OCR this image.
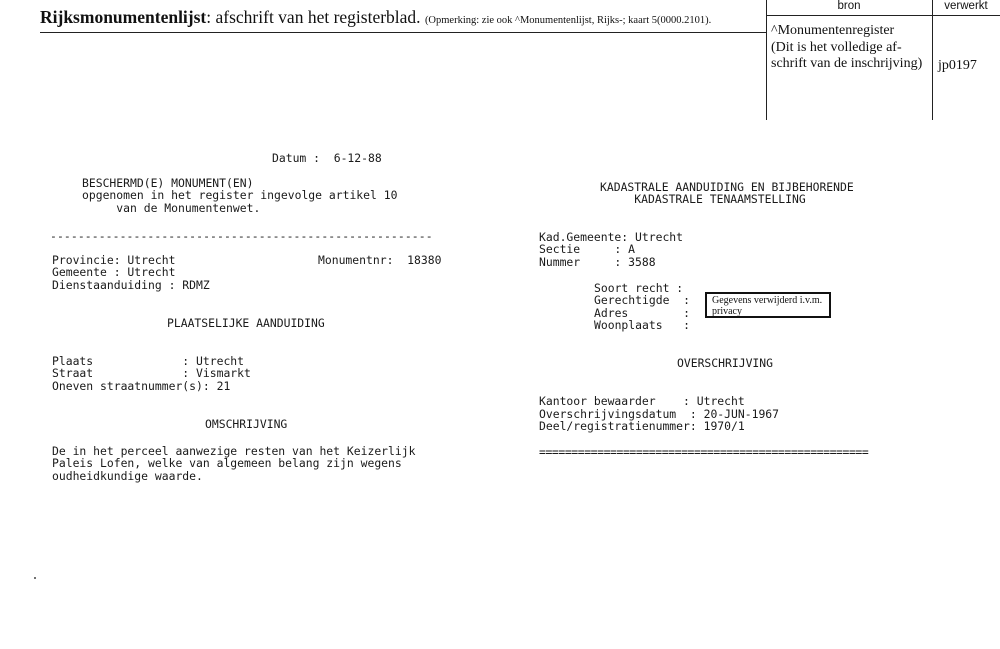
Rijksmonumentenlijst: afschrift van het registerblad. (Opmerking: zie ook ^Monumentenlijst, Rijks-; kaart 5(0000.2101).
bron	verwerkt
^Monumentenregister
(Dit is het volledige af-
schrift van de inschrijving) jp0197
Datum :  6-12-88
BESCHERMD(E) MONUMENT(EN)
opgenomen in het register ingevolge artikel 10
van de Monumentenwet.
-------------------------------------------------------
Provincie: Utrecht	Monumentnr:  18380
Gemeente : Utrecht
Dienstaanduiding : RDMZ
PLAATSELIJKE AANDUIDING
Plaats             : Utrecht
Straat             : Vismarkt
Oneven straatnummer(s): 21
OMSCHRIJVING
De in het perceel aanwezige resten van het Keizerlijk
Paleis Lofen, welke van algemeen belang zijn wegens
oudheidkundige waarde.
KADASTRALE AANDUIDING EN BIJBEHORENDE
KADASTRALE TENAAMSTELLING
Kad.Gemeente: Utrecht
Sectie     : A
Nummer     : 3588
Soort recht :
Gerechtigde  :
Adres        :
Woonplaats   :
Gegevens verwijderd i.v.m.
privacy
OVERSCHRIJVING
Kantoor bewaarder    : Utrecht
Overschrijvingsdatum  : 20-JUN-1967
Deel/registratienummer: 1970/1
===================================================
